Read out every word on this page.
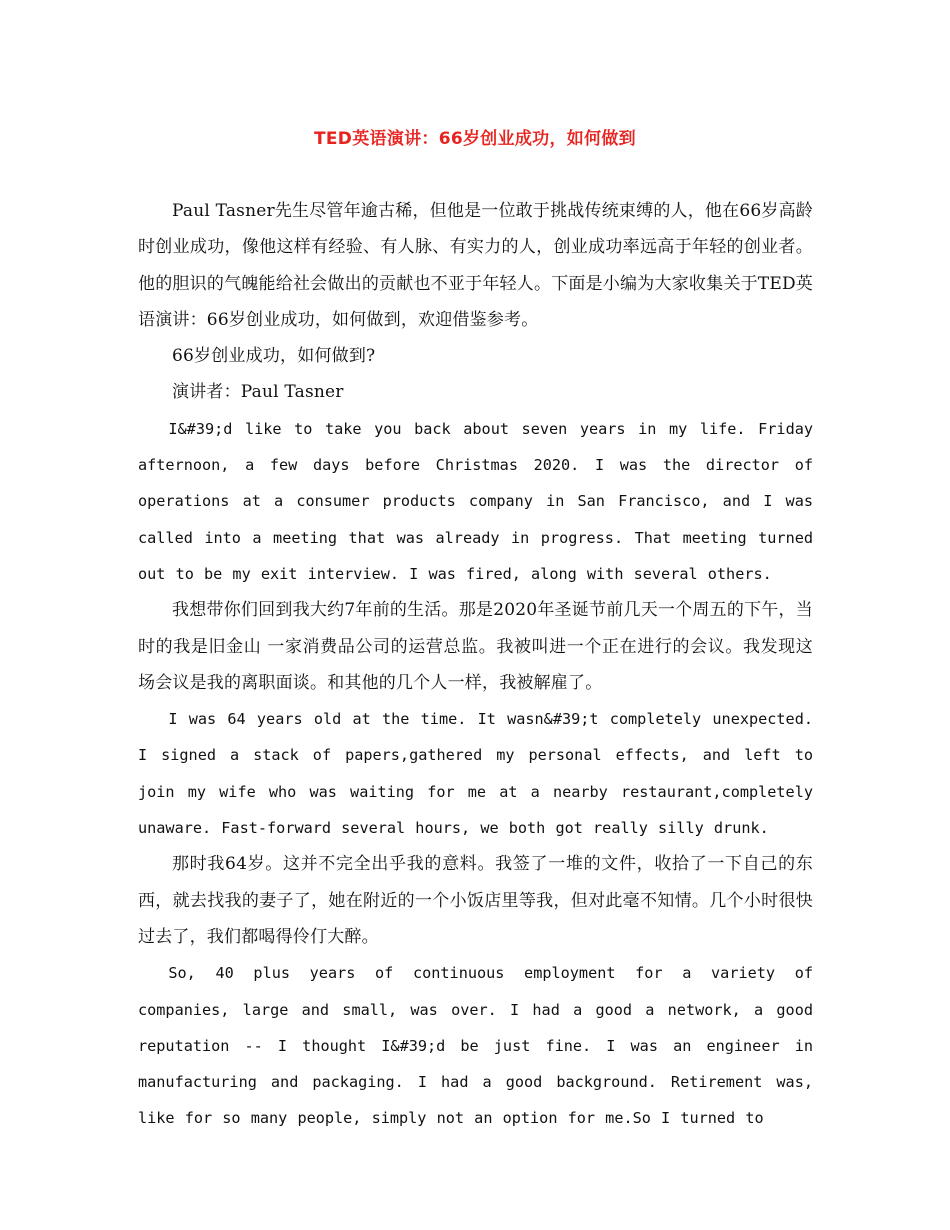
TED英语演讲：66岁创业成功，如何做到

Paul Tasner先生尽管年逾古稀，但他是一位敢于挑战传统束缚的人，他在66岁高龄时创业成功，像他这样有经验、有人脉、有实力的人，创业成功率远高于年轻的创业者。他的胆识的气魄能给社会做出的贡献也不亚于年轻人。下面是小编为大家收集关于TED英语演讲：66岁创业成功，如何做到，欢迎借鉴参考。

66岁创业成功，如何做到?

演讲者：Paul Tasner

I&#39;d like to take you back about seven years in my life. Friday afternoon, a few days before Christmas 2020. I was the director of operations at a consumer products company in San Francisco, and I was called into a meeting that was already in progress. That meeting turned out to be my exit interview. I was fired, along with several others.

我想带你们回到我大约7年前的生活。那是2020年圣诞节前几天一个周五的下午，当时的我是旧金山 一家消费品公司的运营总监。我被叫进一个正在进行的会议。我发现这场会议是我的离职面谈。和其他的几个人一样，我被解雇了。

I was 64 years old at the time. It wasn&#39;t completely unexpected. I signed a stack of papers,gathered my personal effects, and left to join my wife who was waiting for me at a nearby restaurant,completely unaware. Fast-forward several hours, we both got really silly drunk.

那时我64岁。这并不完全出乎我的意料。我签了一堆的文件，收拾了一下自己的东西，就去找我的妻子了，她在附近的一个小饭店里等我，但对此毫不知情。几个小时很快过去了，我们都喝得伶仃大醉。

So, 40 plus years of continuous employment for a variety of companies, large and small, was over. I had a good a network, a good reputation -- I thought I&#39;d be just fine. I was an engineer in manufacturing and packaging. I had a good background. Retirement was, like for so many people, simply not an option for me.So I turned to
